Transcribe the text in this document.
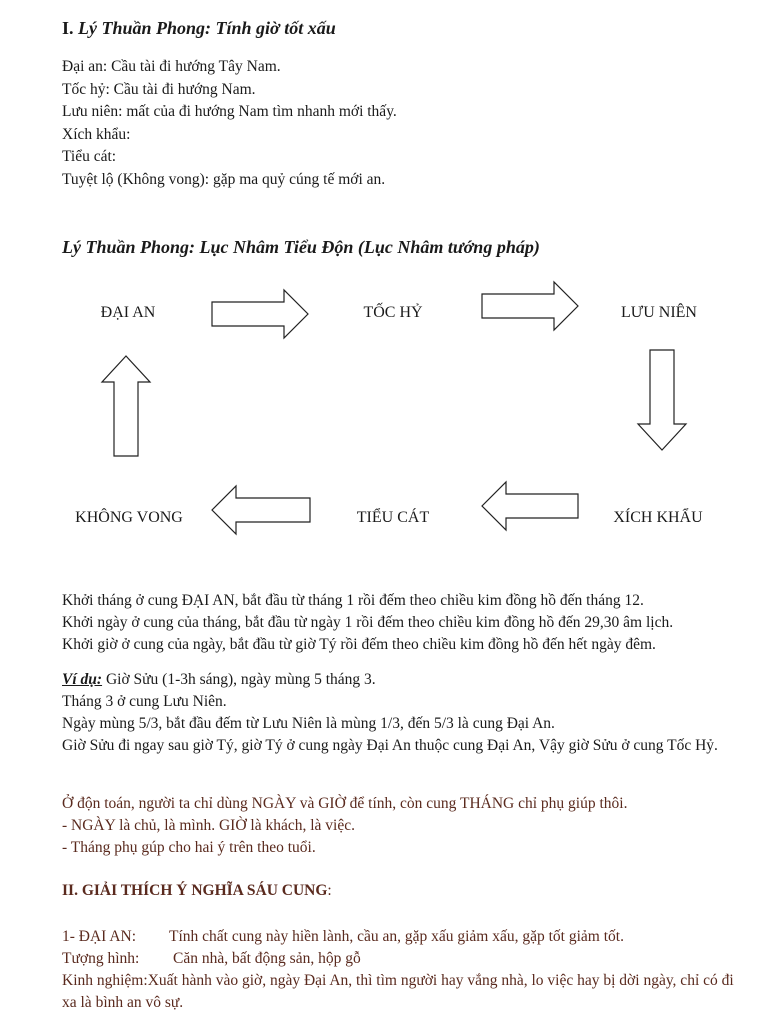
I. Lý Thuần Phong: Tính giờ tốt xấu
Đại an: Cầu tài đi hướng Tây Nam.
Tốc hỷ: Cầu tài đi hướng Nam.
Lưu niên: mất của đi hướng Nam tìm nhanh mới thấy.
Xích khẩu:
Tiểu cát:
Tuyệt lộ (Không vong): gặp ma quỷ cúng tế mới an.
Lý Thuần Phong: Lục Nhâm Tiểu Độn (Lục Nhâm tướng pháp)
ĐẠI AN	TỐC HỶ	LƯU NIÊN
KHÔNG VONG	TIỂU CÁT	XÍCH KHẨU
Khởi tháng ở cung ĐẠI AN, bắt đầu từ tháng 1 rồi đếm theo chiều kim đồng hồ đến tháng 12.
Khởi ngày ở cung của tháng, bắt đầu từ ngày 1 rồi đếm theo chiều kim đồng hồ đến 29,30 âm lịch.
Khởi giờ ở cung của ngày, bắt đầu từ giờ Tý rồi đếm theo chiều kim đồng hồ đến hết ngày đêm.
Ví dụ: Giờ Sửu (1-3h sáng), ngày mùng 5 tháng 3.
Tháng 3 ở cung Lưu Niên.
Ngày mùng 5/3, bắt đầu đếm từ Lưu Niên là mùng 1/3, đến 5/3 là cung Đại An.
Giờ Sửu đi ngay sau giờ Tý, giờ Tý ở cung ngày Đại An thuộc cung Đại An, Vậy giờ Sửu ở cung Tốc Hỷ.
Ở độn toán, người ta chỉ dùng NGÀY và GIỜ để tính, còn cung THÁNG chỉ phụ giúp thôi.
- NGÀY là chủ, là mình. GIỜ là khách, là việc.
- Tháng phụ gúp cho hai ý trên theo tuổi.
II. GIẢI THÍCH Ý NGHĨA SÁU CUNG:
1- ĐẠI AN: Tính chất cung này hiền lành, cầu an, gặp xấu giảm xấu, gặp tốt giảm tốt.
Tượng hình: Căn nhà, bất động sản, hộp gỗ
Kinh nghiệm:Xuất hành vào giờ, ngày Đại An, thì tìm người hay vắng nhà, lo việc hay bị dời ngày, chỉ có đi xa là bình an vô sự.
